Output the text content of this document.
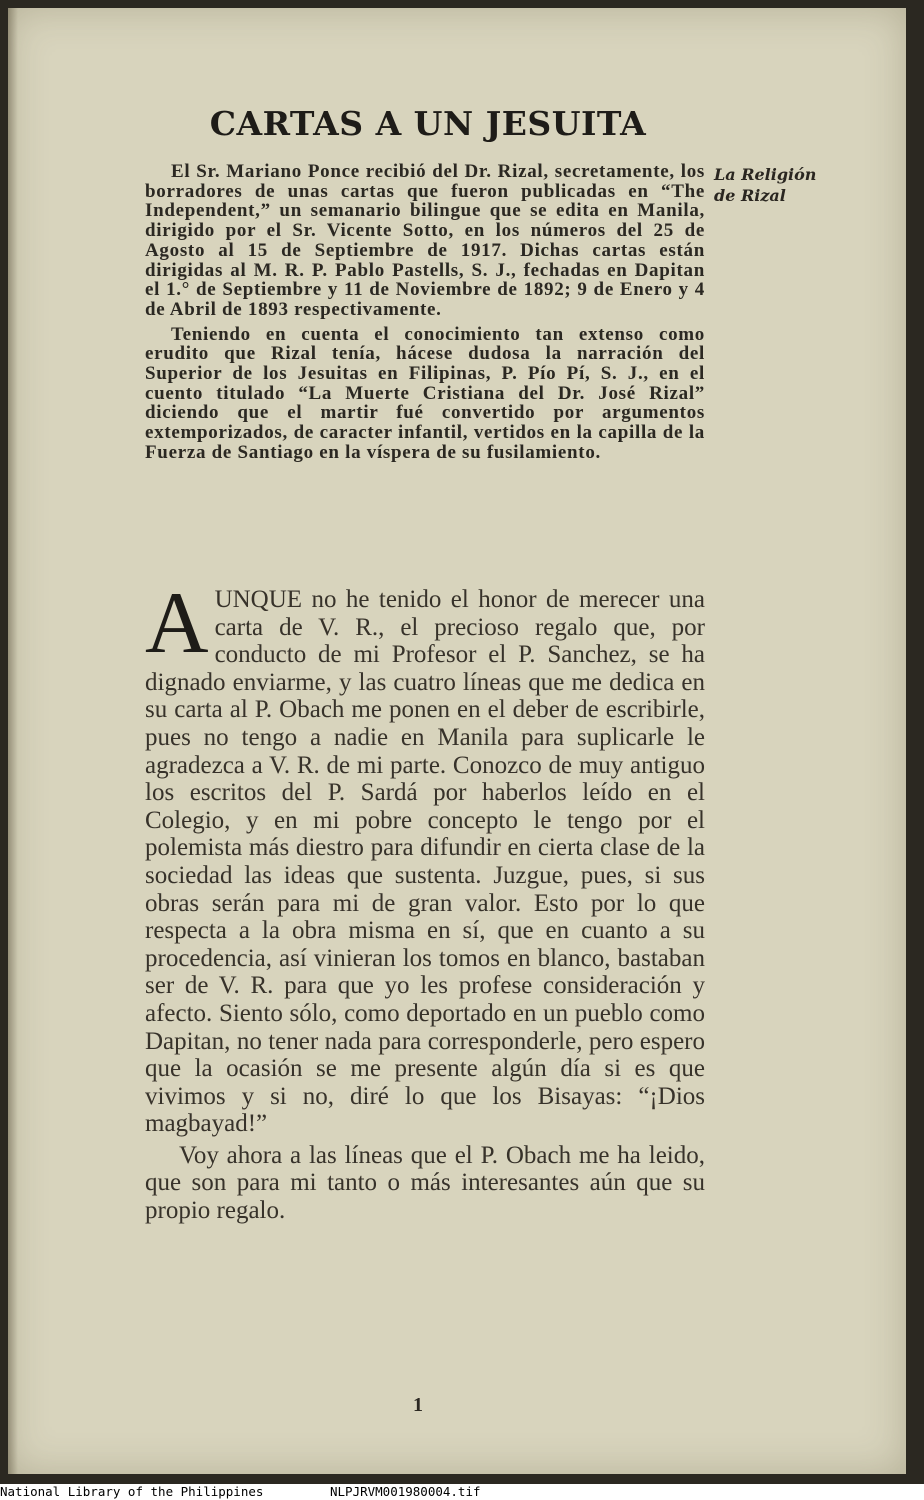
CARTAS A UN JESUITA
La Religión
de Rizal

El Sr. Mariano Ponce recibió del Dr. Rizal, secretamente, los borradores de unas cartas que fueron publicadas en “The Independent,” un semanario bilingue que se edita en Manila, dirigido por el Sr. Vicente Sotto, en los números del 25 de Agosto al 15 de Septiembre de 1917. Dichas cartas están dirigidas al M. R. P. Pablo Pastells, S. J., fechadas en Dapitan el 1.° de Septiembre y 11 de Noviembre de 1892; 9 de Enero y 4 de Abril de 1893 respectivamente.

Teniendo en cuenta el conocimiento tan extenso como erudito que Rizal tenía, hácese dudosa la narración del Superior de los Jesuitas en Filipinas, P. Pío Pí, S. J., en el cuento titulado “La Muerte Cristiana del Dr. José Rizal” diciendo que el martir fué convertido por argumentos extemporizados, de caracter infantil, vertidos en la capilla de la Fuerza de Santiago en la víspera de su fusilamiento.

AUNQUE no he tenido el honor de merecer una carta de V. R., el precioso regalo que, por conducto de mi Profesor el P. Sanchez, se ha dignado enviarme, y las cuatro líneas que me dedica en su carta al P. Obach me ponen en el deber de escribirle, pues no tengo a nadie en Manila para suplicarle le agradezca a V. R. de mi parte. Conozco de muy antiguo los escritos del P. Sardá por haberlos leído en el Colegio, y en mi pobre concepto le tengo por el polemista más diestro para difundir en cierta clase de la sociedad las ideas que sustenta. Juzgue, pues, si sus obras serán para mi de gran valor. Esto por lo que respecta a la obra misma en sí, que en cuanto a su procedencia, así vinieran los tomos en blanco, bastaban ser de V. R. para que yo les profese consideración y afecto. Siento sólo, como deportado en un pueblo como Dapitan, no tener nada para corresponderle, pero espero que la ocasión se me presente algún día si es que vivimos y si no, diré lo que los Bisayas: “¡Dios magbayad!”

Voy ahora a las líneas que el P. Obach me ha leido, que son para mi tanto o más interesantes aún que su propio regalo.

1
National Library of the Philippines	NLPJRVM001980004.tif
